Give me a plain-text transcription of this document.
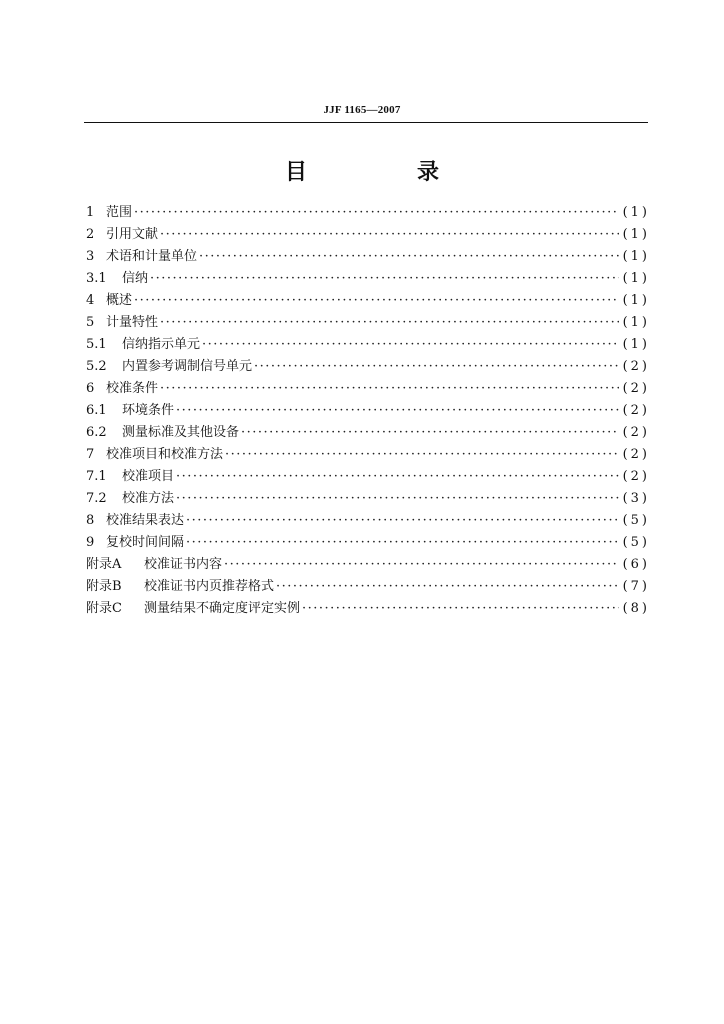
JJF 1165—2007
目　录
1 范围 ·····	(1)
2 引用文献 ·····	(1)
3 术语和计量单位 ·····	(1)
3.1	信纳 ·····	(1)
4 概述 ·····	(1)
5 计量特性 ·····	(1)
5.1	信纳指示单元 ·····	(1)
5.2	内置参考调制信号单元 ·····	(2)
6 校准条件 ·····	(2)
6.1	环境条件 ·····	(2)
6.2	测量标准及其他设备 ·····	(2)
7 校准项目和校准方法 ·····	(2)
7.1	校准项目 ·····	(2)
7.2	校准方法 ·····	(3)
8 校准结果表达 ·····	(5)
9 复校时间间隔 ·····	(5)
附录A	校准证书内容 ·····	(6)
附录B	校准证书内页推荐格式 ·····	(7)
附录C	测量结果不确定度评定实例 ·····	(8)
